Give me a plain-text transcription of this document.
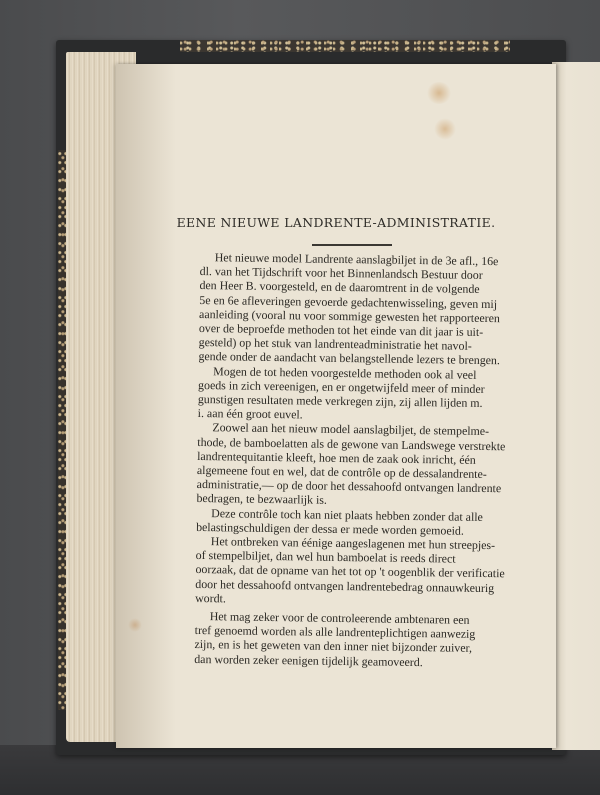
EENE NIEUWE LANDRENTE-ADMINISTRATIE.
Het nieuwe model Landrente aanslagbiljet in de 3e afl., 16e
dl. van het Tijdschrift voor het Binnenlandsch Bestuur door
den Heer B. voorgesteld, en de daaromtrent in de volgende
5e en 6e afleveringen gevoerde gedachtenwisseling, geven mij
aanleiding (vooral nu voor sommige gewesten het rapporteeren
over de beproefde methoden tot het einde van dit jaar is uit-
gesteld) op het stuk van landrenteadministratie het navol-
gende onder de aandacht van belangstellende lezers te brengen.
Mogen de tot heden voorgestelde methoden ook al veel
goeds in zich vereenigen, en er ongetwijfeld meer of minder
gunstigen resultaten mede verkregen zijn, zij allen lijden m.
i. aan één groot euvel.
Zoowel aan het nieuw model aanslagbiljet, de stempelme-
thode, de bamboelatten als de gewone van Landswege verstrekte
landrentequitantie kleeft, hoe men de zaak ook inricht, één
algemeene fout en wel, dat de contrôle op de dessalandrente-
administratie,— op de door het dessahoofd ontvangen landrente
bedragen, te bezwaarlijk is.
Deze contrôle toch kan niet plaats hebben zonder dat alle
belastingschuldigen der dessa er mede worden gemoeid.
Het ontbreken van éénige aangeslagenen met hun streepjes-
of stempelbiljet, dan wel hun bamboelat is reeds direct
oorzaak, dat de opname van het tot op 't oogenblik der verificatie
door het dessahoofd ontvangen landrentebedrag onnauwkeurig
wordt.
Het mag zeker voor de controleerende ambtenaren een
tref genoemd worden als alle landrenteplichtigen aanwezig
zijn, en is het geweten van den inner niet bijzonder zuiver,
dan worden zeker eenigen tijdelijk geamoveerd.
